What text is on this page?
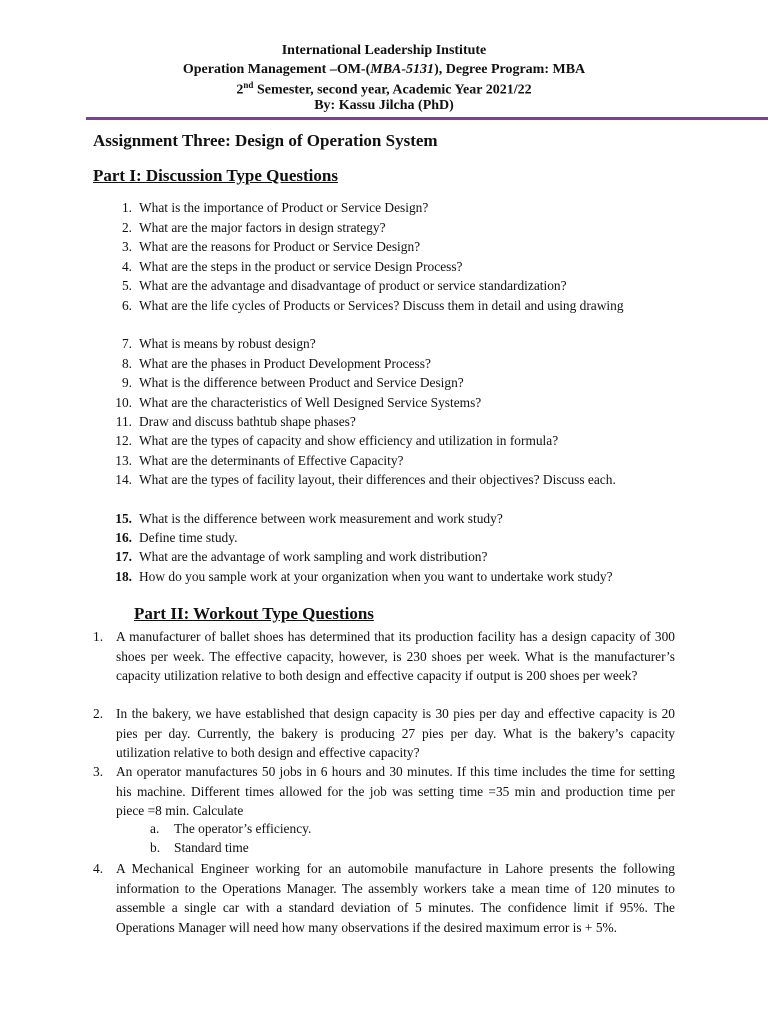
International Leadership Institute
Operation Management –OM-(MBA-5131), Degree Program: MBA
2nd Semester, second year, Academic Year 2021/22
By: Kassu Jilcha (PhD)
Assignment Three: Design of Operation System
Part I: Discussion Type Questions
1. What is the importance of Product or Service Design?
2. What are the major factors in design strategy?
3. What are the reasons for Product or Service Design?
4. What are the steps in the product or service Design Process?
5. What are the advantage and disadvantage of product or service standardization?
6. What are the life cycles of Products or Services? Discuss them in detail and using drawing
7. What is means by robust design?
8. What are the phases in Product Development Process?
9. What is the difference between Product and Service Design?
10. What are the characteristics of Well Designed Service Systems?
11. Draw and discuss bathtub shape phases?
12. What are the types of capacity and show efficiency and utilization in formula?
13. What are the determinants of Effective Capacity?
14. What are the types of facility layout, their differences and their objectives? Discuss each.
15. What is the difference between work measurement and work study?
16. Define time study.
17. What are the advantage of work sampling and work distribution?
18. How do you sample work at your organization when you want to undertake work study?
Part II: Workout Type Questions
1. A manufacturer of ballet shoes has determined that its production facility has a design capacity of 300 shoes per week. The effective capacity, however, is 230 shoes per week. What is the manufacturer’s capacity utilization relative to both design and effective capacity if output is 200 shoes per week?
2. In the bakery, we have established that design capacity is 30 pies per day and effective capacity is 20 pies per day. Currently, the bakery is producing 27 pies per day. What is the bakery’s capacity utilization relative to both design and effective capacity?
3. An operator manufactures 50 jobs in 6 hours and 30 minutes. If this time includes the time for setting his machine. Different times allowed for the job was setting time =35 min and production time per piece =8 min. Calculate
a. The operator’s efficiency.
b. Standard time
4. A Mechanical Engineer working for an automobile manufacture in Lahore presents the following information to the Operations Manager. The assembly workers take a mean time of 120 minutes to assemble a single car with a standard deviation of 5 minutes. The confidence limit if 95%. The Operations Manager will need how many observations if the desired maximum error is + 5%.
